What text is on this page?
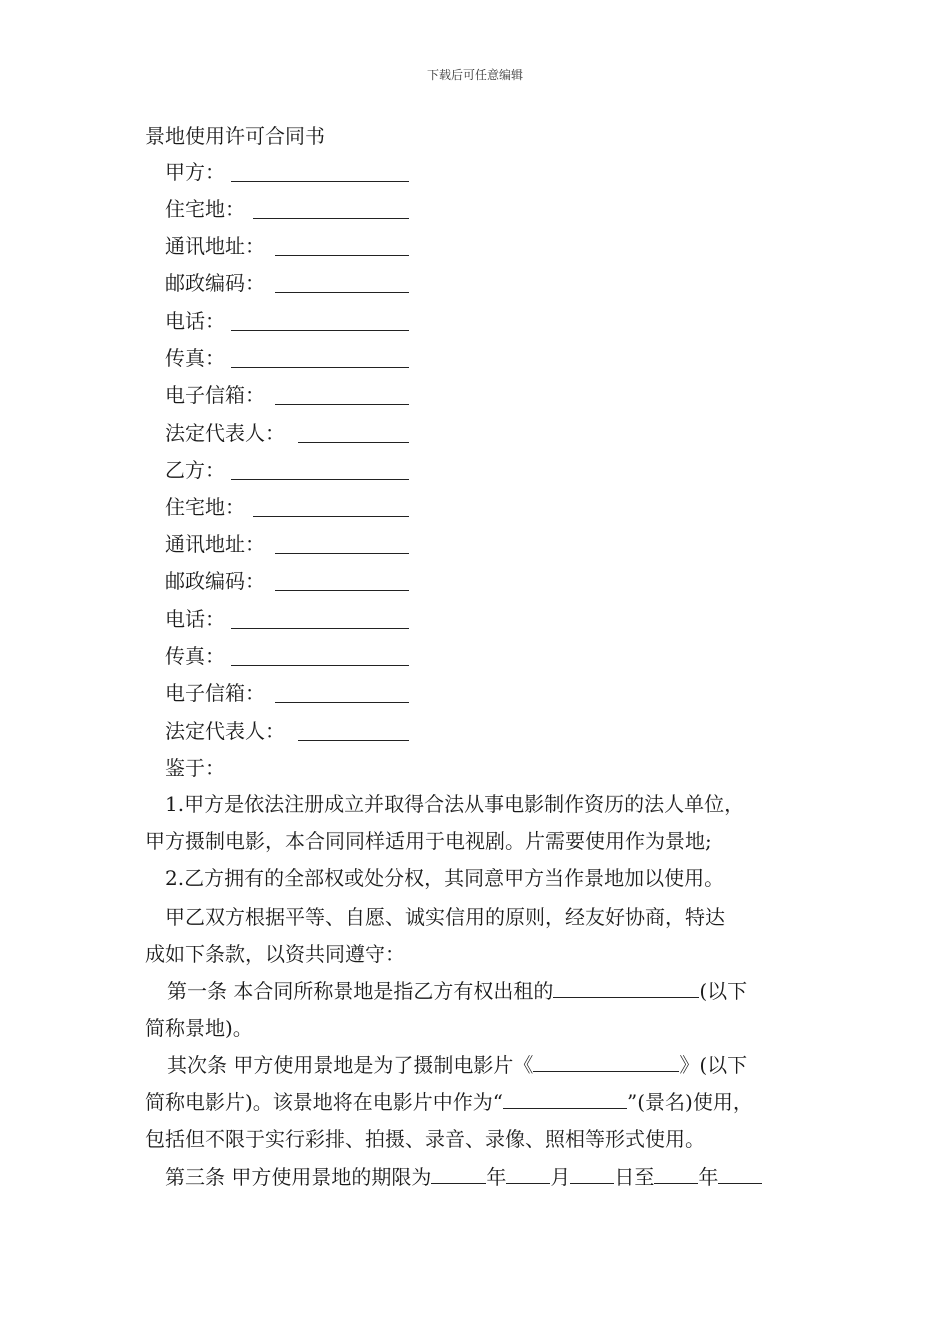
下载后可任意编辑
景地使用许可合同书
甲方：
住宅地：
通讯地址：
邮政编码：
电话：
传真：
电子信箱：
法定代表人：
乙方：
住宅地：
通讯地址：
邮政编码：
电话：
传真：
电子信箱：
法定代表人：
鉴于：
1.甲方是依法注册成立并取得合法从事电影制作资历的法人单位，
甲方摄制电影，本合同同样适用于电视剧。片需要使用作为景地;
2.乙方拥有的全部权或处分权，其同意甲方当作景地加以使用。
甲乙双方根据平等、自愿、诚实信用的原则，经友好协商，特达
成如下条款，以资共同遵守：
第一条 本合同所称景地是指乙方有权出租的	(以下
简称景地)。
其次条 甲方使用景地是为了摄制电影片《	》(以下
简称电影片)。该景地将在电影片中作为“	”(景名)使用，
包括但不限于实行彩排、拍摄、录音、录像、照相等形式使用。
第三条 甲方使用景地的期限为	年 月 日至 年
